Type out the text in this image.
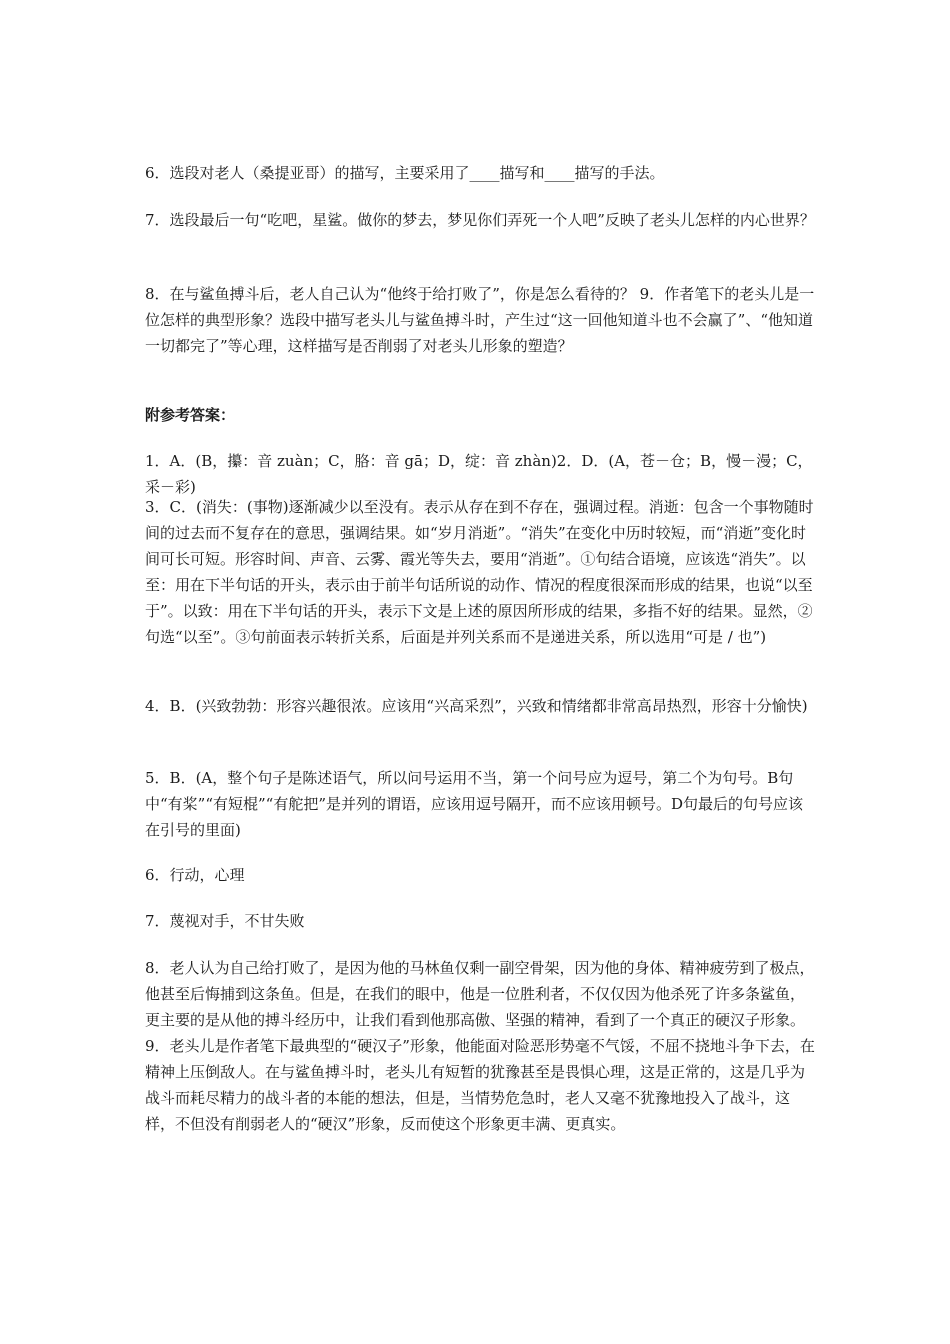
6．选段对老人（桑提亚哥）的描写，主要采用了____描写和____描写的手法。
7．选段最后一句“吃吧，星鲨。做你的梦去，梦见你们弄死一个人吧”反映了老头儿怎样的内心世界？
8．在与鲨鱼搏斗后，老人自己认为“他终于给打败了”，你是怎么看待的？ 9．作者笔下的老头儿是一位怎样的典型形象？选段中描写老头儿与鲨鱼搏斗时，产生过“这一回他知道斗也不会赢了”、“他知道一切都完了”等心理，这样描写是否削弱了对老头儿形象的塑造？
附参考答案：
1．A．(B，攥：音 zuàn；C，胳：音 gā；D，绽：音 zhàn)2．D．(A，苍－仓；B，慢－漫；C，采－彩)
3．C．(消失：(事物)逐渐减少以至没有。表示从存在到不存在，强调过程。消逝：包含一个事物随时间的过去而不复存在的意思，强调结果。如“岁月消逝”。“消失”在变化中历时较短，而“消逝”变化时间可长可短。形容时间、声音、云雾、霞光等失去，要用“消逝”。①句结合语境，应该选“消失”。以至：用在下半句话的开头，表示由于前半句话所说的动作、情况的程度很深而形成的结果，也说“以至于”。以致：用在下半句话的开头，表示下文是上述的原因所形成的结果，多指不好的结果。显然，②句选“以至”。③句前面表示转折关系，后面是并列关系而不是递进关系，所以选用“可是 / 也”)
4．B．(兴致勃勃：形容兴趣很浓。应该用“兴高采烈”，兴致和情绪都非常高昂热烈，形容十分愉快)
5．B．(A，整个句子是陈述语气，所以问号运用不当，第一个问号应为逗号，第二个为句号。B句中“有桨”“有短棍”“有舵把”是并列的谓语，应该用逗号隔开，而不应该用顿号。D句最后的句号应该在引号的里面)
6．行动，心理
7．蔑视对手，不甘失败
8．老人认为自己给打败了，是因为他的马林鱼仅剩一副空骨架，因为他的身体、精神疲劳到了极点，他甚至后悔捕到这条鱼。但是，在我们的眼中，他是一位胜利者，不仅仅因为他杀死了许多条鲨鱼，更主要的是从他的搏斗经历中，让我们看到他那高傲、坚强的精神，看到了一个真正的硬汉子形象。9．老头儿是作者笔下最典型的“硬汉子”形象，他能面对险恶形势毫不气馁，不屈不挠地斗争下去，在精神上压倒敌人。在与鲨鱼搏斗时，老头儿有短暂的犹豫甚至是畏惧心理，这是正常的，这是几乎为战斗而耗尽精力的战斗者的本能的想法，但是，当情势危急时，老人又毫不犹豫地投入了战斗，这样，不但没有削弱老人的“硬汉”形象，反而使这个形象更丰满、更真实。
